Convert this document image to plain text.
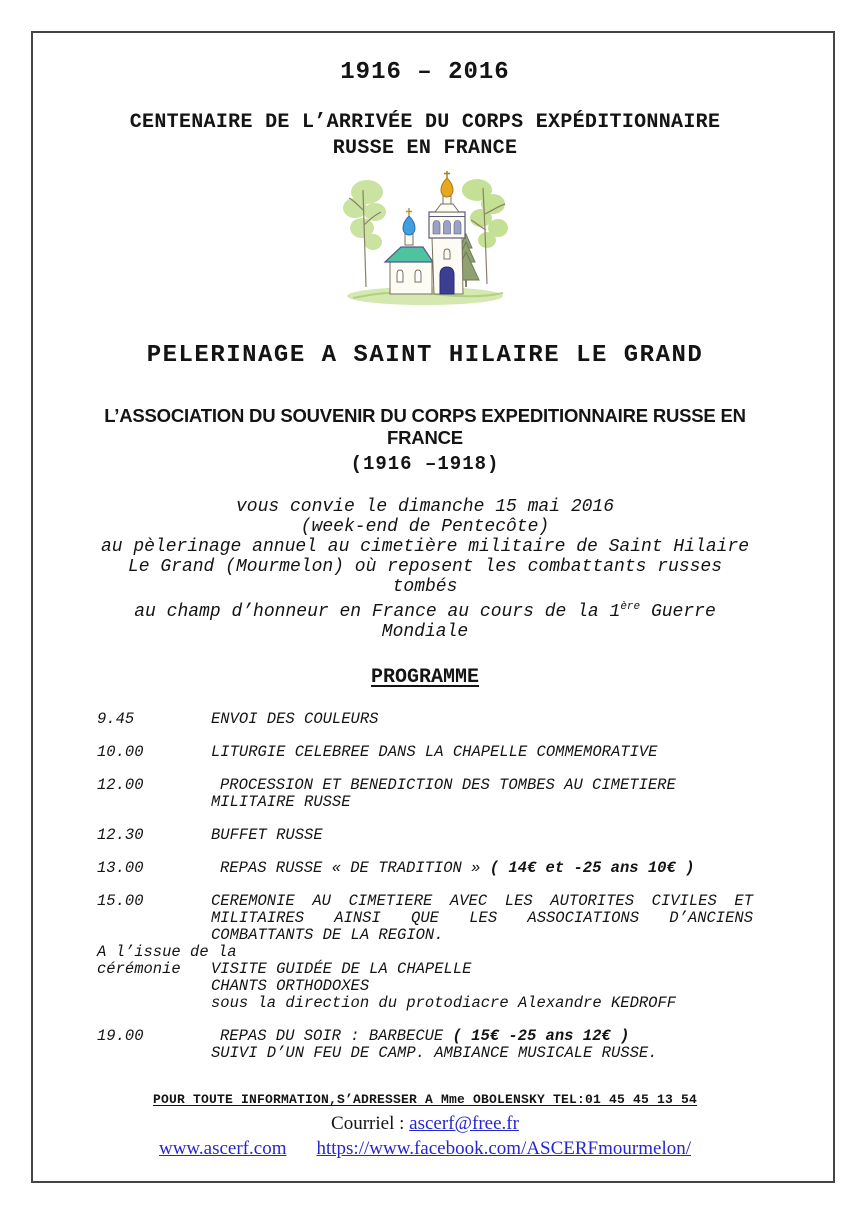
1916 – 2016
CENTENAIRE DE L’ARRIVÉE DU CORPS EXPÉDITIONNAIRE
RUSSE EN FRANCE
PELERINAGE A SAINT HILAIRE LE GRAND
L’ASSOCIATION DU SOUVENIR DU CORPS EXPEDITIONNAIRE RUSSE EN FRANCE
(1916 –1918)
vous convie le dimanche 15 mai 2016
(week-end de Pentecôte)
au pèlerinage annuel au cimetière militaire de Saint Hilaire
Le Grand (Mourmelon) où reposent les combattants russes tombés
au champ d’honneur en France au cours de la 1ère Guerre
Mondiale
PROGRAMME
9.45	ENVOI DES COULEURS
10.00	LITURGIE CELEBREE DANS LA CHAPELLE COMMEMORATIVE
12.00	PROCESSION ET BENEDICTION DES TOMBES AU CIMETIERE MILITAIRE RUSSE
12.30	BUFFET RUSSE
13.00	REPAS RUSSE « DE TRADITION » ( 14€ et -25 ans 10€ )
15.00	CEREMONIE AU CIMETIERE AVEC LES AUTORITES CIVILES ET MILITAIRES AINSI QUE LES ASSOCIATIONS D’ANCIENS COMBATTANTS DE LA REGION.
A l’issue de la
cérémonie	VISITE GUIDÉE DE LA CHAPELLE
CHANTS ORTHODOXES
sous la direction du protodiacre Alexandre KEDROFF
19.00	REPAS DU SOIR : BARBECUE ( 15€ -25 ans 12€ )
SUIVI D’UN FEU DE CAMP. AMBIANCE MUSICALE RUSSE.
POUR TOUTE INFORMATION,S’ADRESSER A Mme OBOLENSKY TEL:01 45 45 13 54
Courriel : ascerf@free.fr
www.ascerf.com https://www.facebook.com/ASCERFmourmelon/
